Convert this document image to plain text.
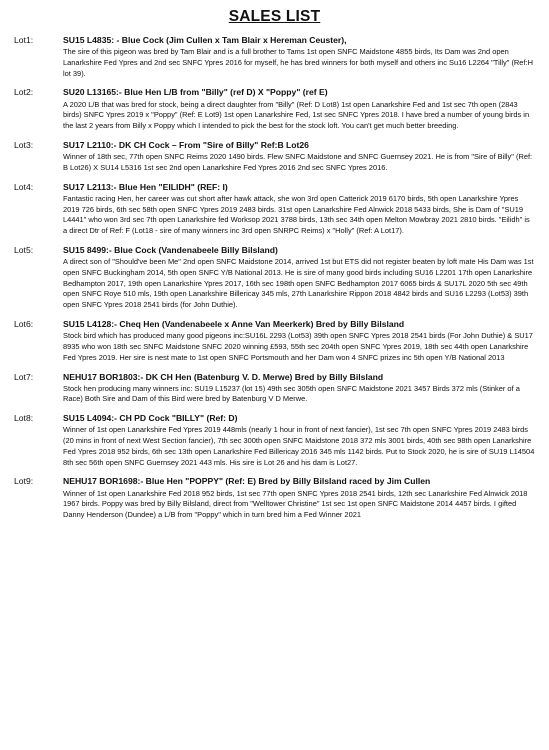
SALES LIST
Lot1:	SU15 L4835: - Blue Cock (Jim Cullen x Tam Blair x Hereman Ceuster),

The sire of this pigeon was bred by Tam Blair and is a full brother to Tams 1st open SNFC Maidstone 4855 birds, Its Dam was 2nd open Lanarkshire Fed Ypres and 2nd sec SNFC Ypres 2016 for myself, he has bred winners for both myself and others inc Su16 L2264 "Tilly" (Ref:H lot 39).

Lot2:	SU20 L13165:- Blue Hen L/B from "Billy" (ref D) X "Poppy" (ref E)

A 2020 L/B that was bred for stock, being a direct daughter from "Billy" (Ref: D Lot8) 1st open Lanarkshire Fed and 1st sec 7th open (2843 birds) SNFC Ypres 2019 x "Poppy" (Ref: E Lot9) 1st open Lanarkshire Fed, 1st sec SNFC Ypres 2018. I have bred a number of young birds in the last 2 years from Billy x Poppy which I intended to pick the best for the stock loft. You can't get much better breeding.

Lot3:	SU17 L2110:- DK CH Cock – From "Sire of Billy" Ref:B Lot26

Winner of 18th sec, 77th open SNFC Reims 2020 1490 birds. Flew SNFC Maidstone and SNFC Guernsey 2021. He is from "Sire of Billy" (Ref: B Lot26) X SU14 L5316 1st sec 2nd open Lanarkshire Fed Ypres 2016 2nd sec SNFC Ypres 2016.

Lot4:	SU17 L2113:- Blue Hen "EILIDH" (REF: I)

Fantastic racing Hen, her career was cut short after hawk attack, she won 3rd open Catterick 2019 6170 birds, 5th open Lanarkshire Ypres 2019 726 birds, 6th sec 58th open SNFC Ypres 2019 2483 birds. 31st open Lanarkshire Fed Alnwick 2018 5433 birds, She is Dam of "SU19 L4441" who won 3rd sec 7th open Lanarkshire fed Worksop 2021 3788 birds, 13th sec 34th open Melton Mowbray 2021 2810 birds. "Eilidh" is a direct Dtr of Ref: F (Lot18 - sire of many winners inc 3rd open SNRPC Reims) x "Holly" (Ref: A Lot17).

Lot5:	SU15 8499:- Blue Cock (Vandenabeele Billy Bilsland)

A direct son of "Should've been Me" 2nd open SNFC Maidstone 2014, arrived 1st but ETS did not register beaten by loft mate His Dam was 1st open SNFC Buckingham 2014, 5th open SNFC Y/B National 2013. He is sire of many good birds including SU16 L2201 17th open Lanarkshire Bedhampton 2017, 19th open Lanarkshire Ypres 2017, 16th sec 198th open SNFC Bedhampton 2017 6065 birds & SU17L 2020 5th sec 49th open SNFC Roye 510 mls, 19th open Lanarkshire Billericay 345 mls, 27th Lanarkshire Rippon 2018 4842 birds and SU16 L2293 (Lot53) 39th open SNFC Ypres 2018 2541 birds (for John Duthie).

Lot6:	SU15 L4128:- Cheq Hen (Vandenabeele x Anne Van Meerkerk) Bred by Billy Bilsland

Stock bird which has produced many good pigeons inc:SU16L 2293 (Lot53) 39th open SNFC Ypres 2018 2541 birds (For John Duthie) & SU17 8935 who won 18th sec SNFC Maidstone SNFC 2020 winning £593, 55th sec 204th open SNFC Ypres 2019, 18th sec 44th open Lanarkshire Fed Ypres 2019. Her sire is nest mate to 1st open SNFC Portsmouth and her Dam won 4 SNFC prizes inc 5th open Y/B National 2013

Lot7:	NEHU17 BOR1803:- DK CH Hen (Batenburg V. D. Merwe) Bred by Billy Bilsland

Stock hen producing many winners inc: SU19 L15237 (lot 15) 49th sec 305th open SNFC Maidstone 2021 3457 Birds 372 mls (Stinker of a Race) Both Sire and Dam of this Bird were bred by Batenburg V D Merwe.

Lot8:	SU15 L4094:- CH PD Cock "BILLY" (Ref: D)

Winner of 1st open Lanarkshire Fed Ypres 2019 448mls (nearly 1 hour in front of next fancier), 1st sec 7th open SNFC Ypres 2019 2483 birds (20 mins in front of next West Section fancier), 7th sec 300th open SNFC Maidstone 2018 372 mls 3001 birds, 40th sec 98th open Lanarkshire Fed Ypres 2018 952 birds, 6th sec 13th open Lanarkshire Fed Billericay 2016 345 mls 1142 birds. Put to Stock 2020, he is sire of SU19 L14504 8th sec 56th open SNFC Guernsey 2021 443 mls. His sire is Lot 26 and his dam is Lot27.

Lot9:	NEHU17 BOR1698:- Blue Hen "POPPY" (Ref: E) Bred by Billy Bilsland raced by Jim Cullen

Winner of 1st open Lanarkshire Fed 2018 952 birds, 1st sec 77th open SNFC Ypres 2018 2541 birds, 12th sec Lanarkshire Fed Alnwick 2018 1967 birds. Poppy was bred by Billy Bilsland, direct from "Welltower Christine" 1st sec 1st open SNFC Maidstone 2014 4457 birds. I gifted Danny Henderson (Dundee) a L/B from "Poppy" which in turn bred him a Fed Winner 2021
